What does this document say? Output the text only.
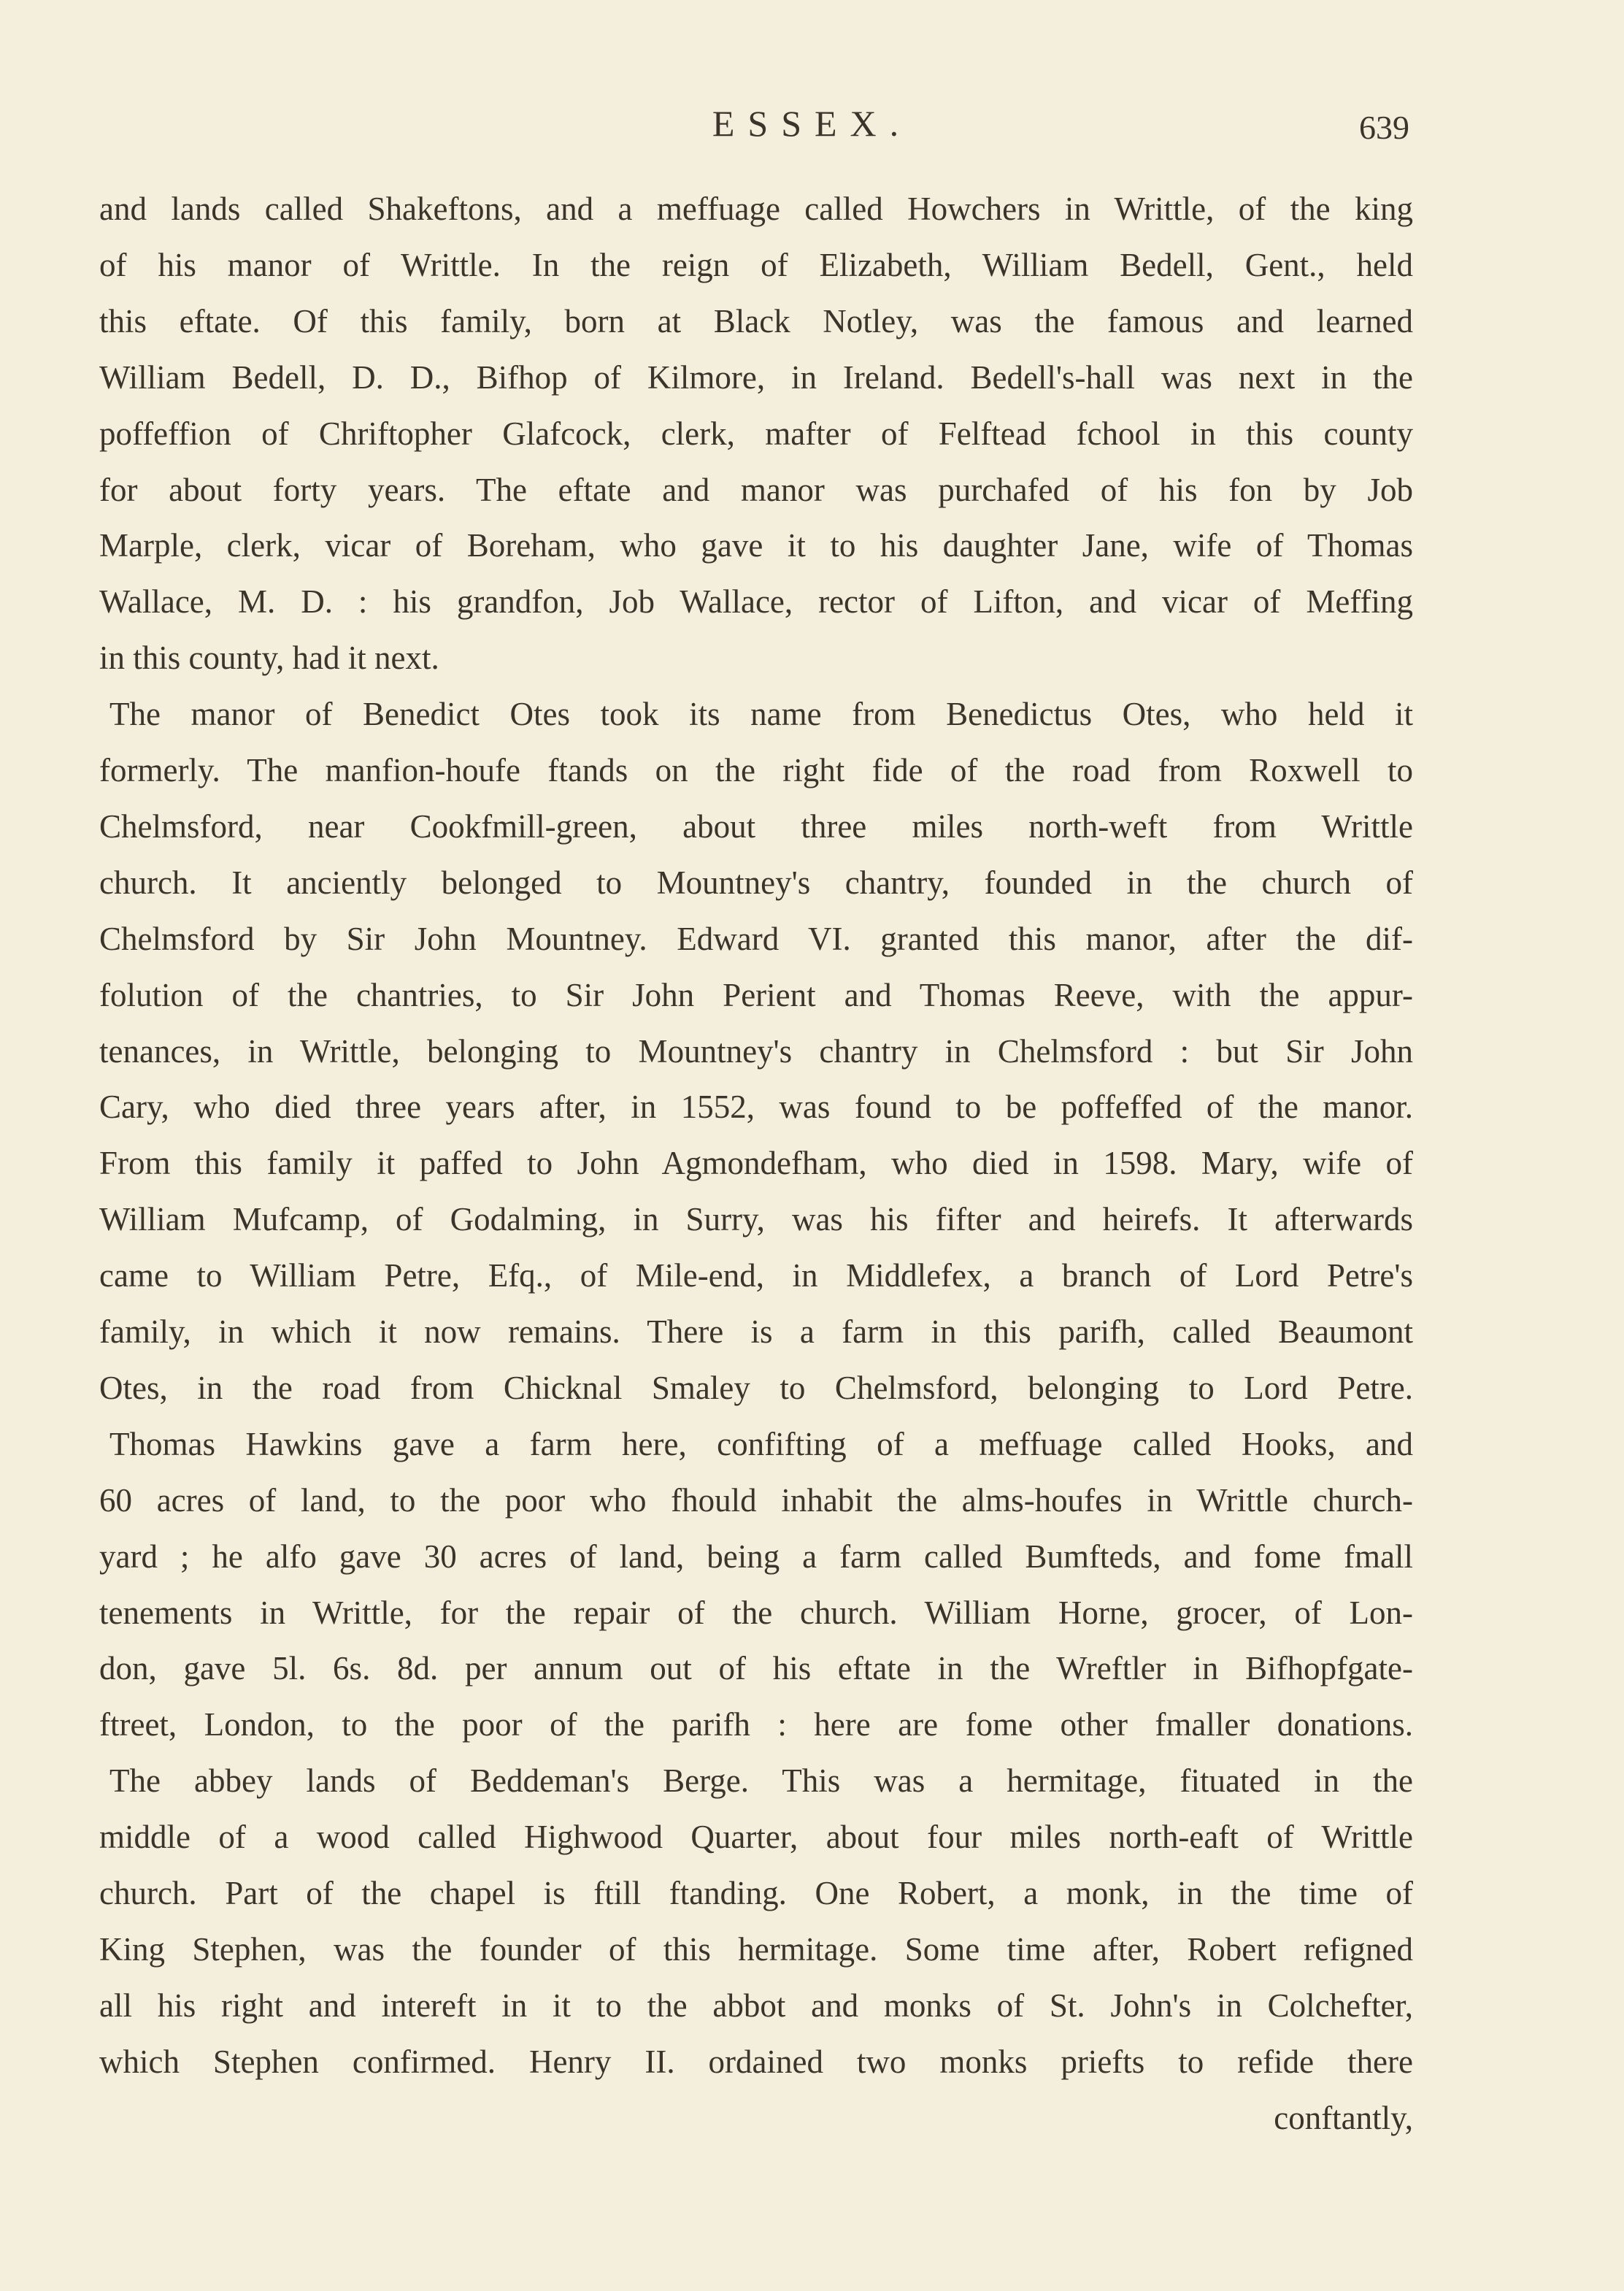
ESSEX.	639
and lands called Shakeftons, and a meffuage called Howchers in Writtle, of the king
of his manor of Writtle. In the reign of Elizabeth, William Bedell, Gent., held
this eftate. Of this family, born at Black Notley, was the famous and learned
William Bedell, D. D., Bifhop of Kilmore, in Ireland. Bedell's-hall was next in the
poffeffion of Chriftopher Glafcock, clerk, mafter of Felftead fchool in this county
for about forty years. The eftate and manor was purchafed of his fon by Job
Marple, clerk, vicar of Boreham, who gave it to his daughter Jane, wife of Thomas
Wallace, M. D. : his grandfon, Job Wallace, rector of Lifton, and vicar of Meffing
in this county, had it next.
The manor of Benedict Otes took its name from Benedictus Otes, who held it
formerly. The manfion-houfe ftands on the right fide of the road from Roxwell to
Chelmsford, near Cookfmill-green, about three miles north-weft from Writtle
church. It anciently belonged to Mountney's chantry, founded in the church of
Chelmsford by Sir John Mountney. Edward VI. granted this manor, after the dif-
folution of the chantries, to Sir John Perient and Thomas Reeve, with the appur-
tenances, in Writtle, belonging to Mountney's chantry in Chelmsford : but Sir John
Cary, who died three years after, in 1552, was found to be poffeffed of the manor.
From this family it paffed to John Agmondefham, who died in 1598. Mary, wife of
William Mufcamp, of Godalming, in Surry, was his fifter and heirefs. It afterwards
came to William Petre, Efq., of Mile-end, in Middlefex, a branch of Lord Petre's
family, in which it now remains. There is a farm in this parifh, called Beaumont
Otes, in the road from Chicknal Smaley to Chelmsford, belonging to Lord Petre.
Thomas Hawkins gave a farm here, confifting of a meffuage called Hooks, and
60 acres of land, to the poor who fhould inhabit the alms-houfes in Writtle church-
yard ; he alfo gave 30 acres of land, being a farm called Bumfteds, and fome fmall
tenements in Writtle, for the repair of the church. William Horne, grocer, of Lon-
don, gave 5l. 6s. 8d. per annum out of his eftate in the Wreftler in Bifhopfgate-
ftreet, London, to the poor of the parifh : here are fome other fmaller donations.
The abbey lands of Beddeman's Berge. This was a hermitage, fituated in the
middle of a wood called Highwood Quarter, about four miles north-eaft of Writtle
church. Part of the chapel is ftill ftanding. One Robert, a monk, in the time of
King Stephen, was the founder of this hermitage. Some time after, Robert refigned
all his right and intereft in it to the abbot and monks of St. John's in Colchefter,
which Stephen confirmed. Henry II. ordained two monks priefts to refide there
conftantly,
